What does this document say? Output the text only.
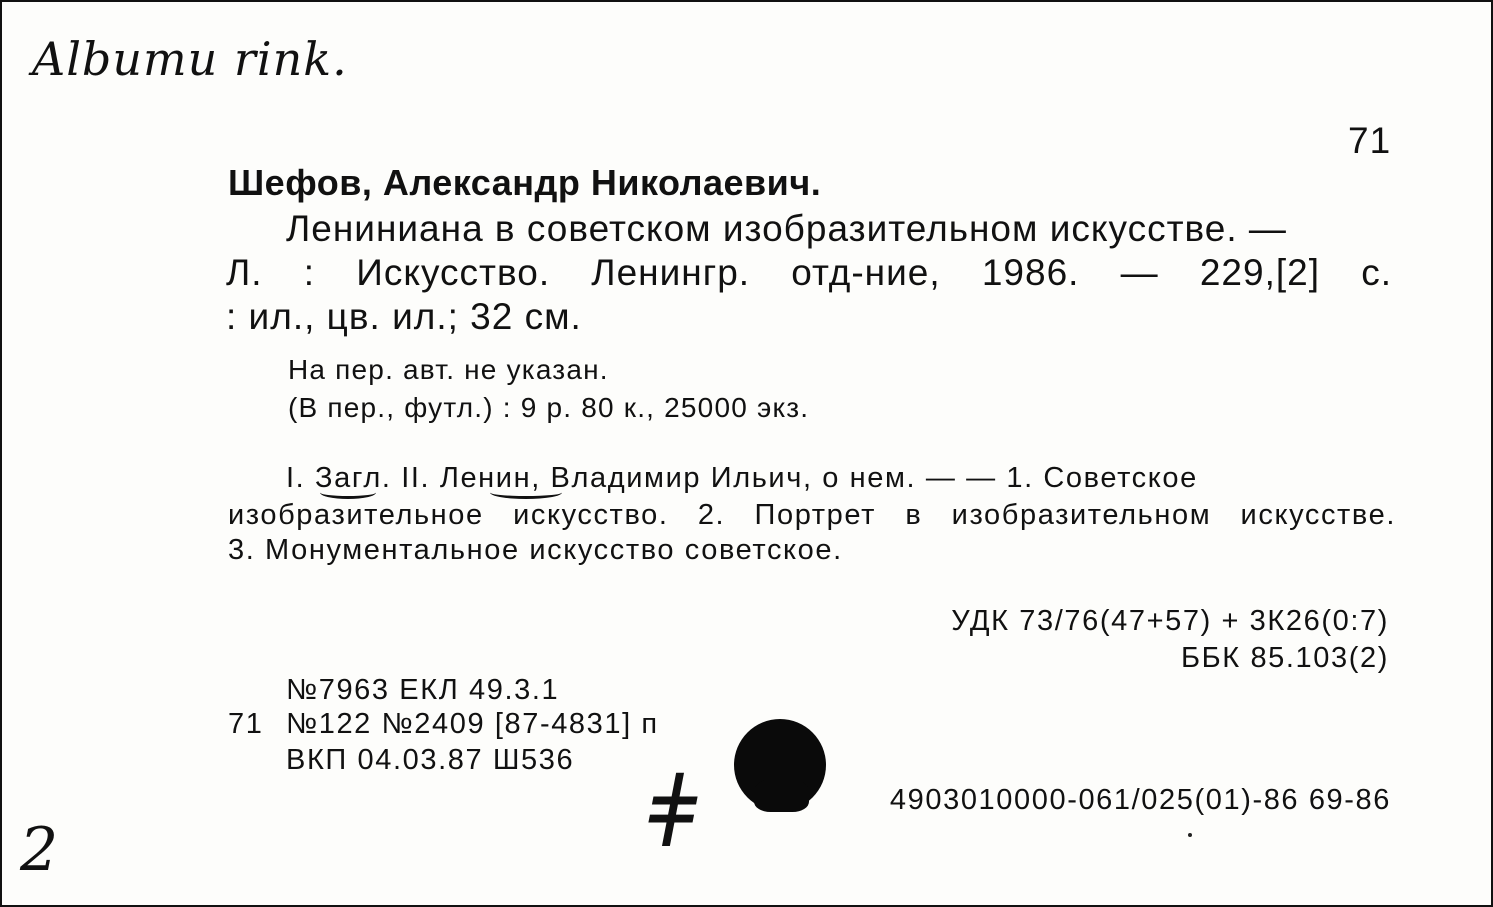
Albumu rink.
71
Шефов, Александр Николаевич.
Лениниана в советском изобразительном искусстве. —
Л. : Искусство. Ленингр. отд-ние, 1986. — 229,[2] с.
: ил., цв. ил.; 32 см.
На пер. авт. не указан.
(В пер., футл.) : 9 р. 80 к., 25000 экз.
I. Загл. II. Ленин, Владимир Ильич, о нем. — — 1. Советское
изобразительное искусство. 2. Портрет в изобразительном искусстве.
3. Монументальное искусство советское.
УДК 73/76(47+57) + 3К26(0:7)
ББК 85.103(2)
№7963 ЕКЛ 49.3.1
71 №122 №2409 [87-4831] п
ВКП 04.03.87 Ш536
4903010000-061/025(01)-86 69-86
ǂ
2
